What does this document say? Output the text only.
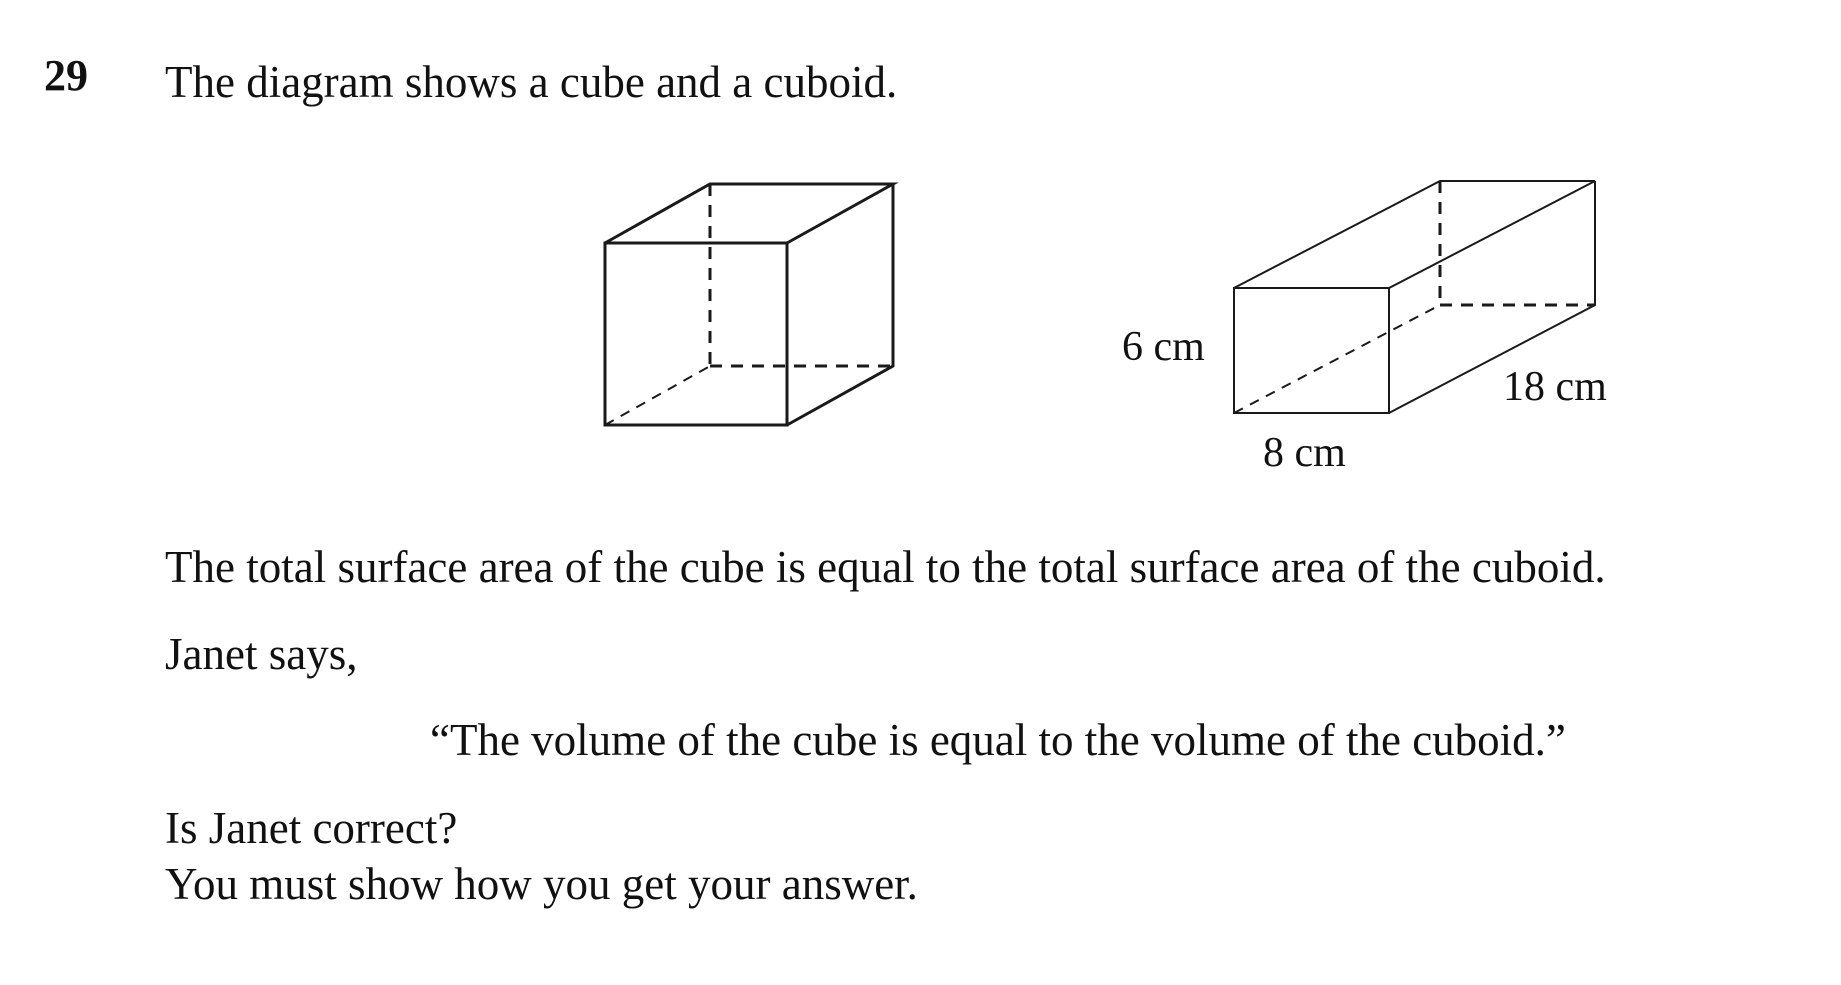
29 The diagram shows a cube and a cuboid.
6 cm
8 cm
18 cm
The total surface area of the cube is equal to the total surface area of the cuboid.
Janet says,
“The volume of the cube is equal to the volume of the cuboid.”
Is Janet correct?
You must show how you get your answer.
